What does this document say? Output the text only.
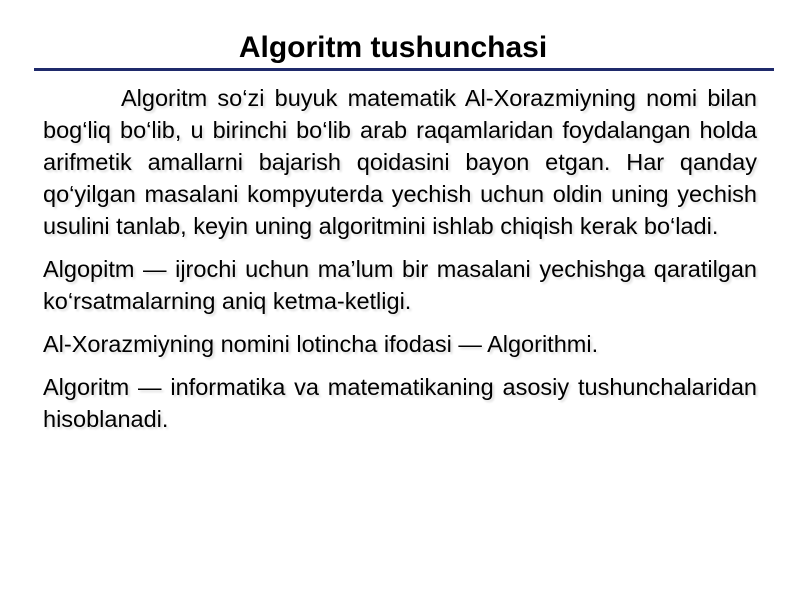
Algoritm tushunchasi

Algoritm so‘zi buyuk matematik Al-Xorazmiyning nomi bilan bog‘liq bo‘lib, u birinchi bo‘lib arab raqamlaridan foydalangan holda arifmetik amallarni bajarish qoidasini bayon etgan. Har qanday qo‘yilgan masalani kompyuterda yechish uchun oldin uning yechish usulini tanlab, keyin uning algoritmini ishlab chiqish kerak bo‘ladi.

Algopitm — ijrochi uchun ma’lum bir masalani yechishga qaratilgan ko‘rsatmalarning aniq ketma-ketligi.

Al-Xorazmiyning nomini lotincha ifodasi — Algorithmi.

Algoritm — informatika va matematikaning asosiy tushunchalaridan hisoblanadi.
